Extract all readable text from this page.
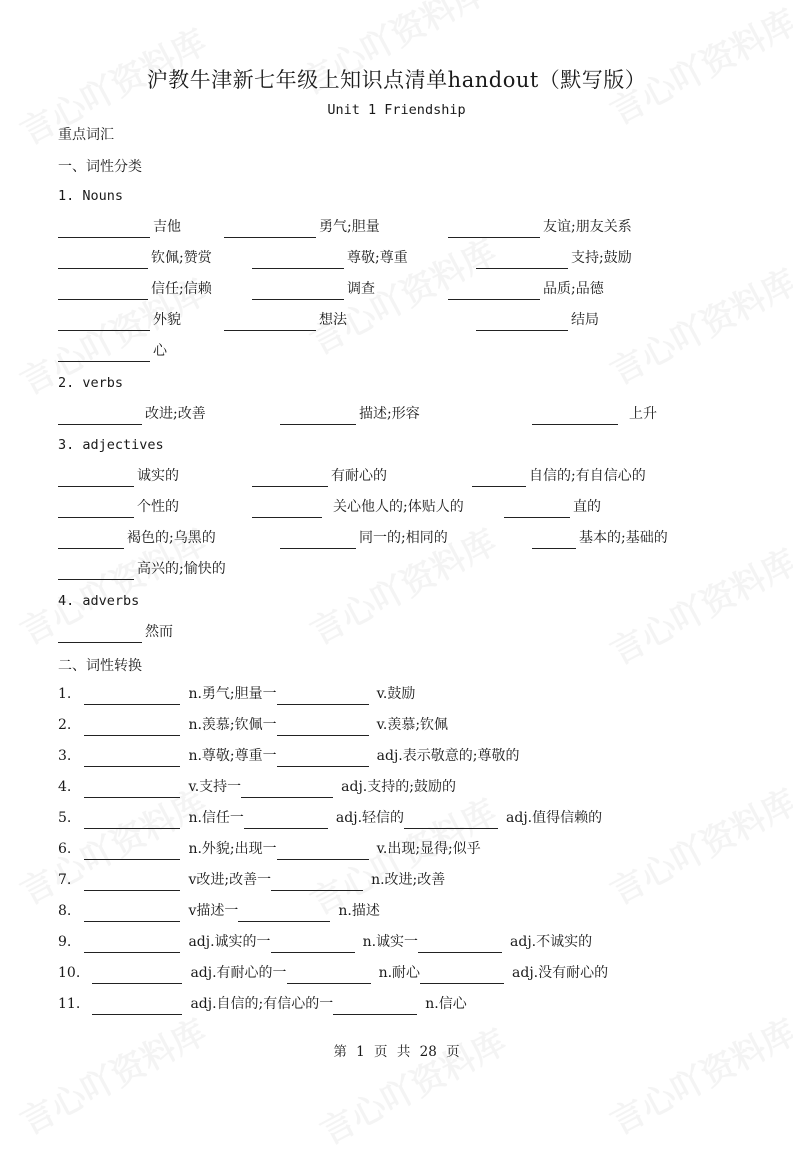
沪教牛津新七年级上知识点清单handout（默写版）
Unit 1 Friendship
重点词汇
一、词性分类
1. Nouns
吉他	勇气;胆量	友谊;朋友关系
钦佩;赞赏	尊敬;尊重	支持;鼓励
信任;信赖	调查	品质;品德
外貌	想法	结局
心
2. verbs
改进;改善	描述;形容	上升
3. adjectives
诚实的	有耐心的	自信的;有自信心的
个性的	关心他人的;体贴人的	直的
褐色的;乌黑的	同一的;相同的	基本的;基础的
高兴的;愉快的
4. adverbs
然而
二、词性转换
1.	n.勇气;胆量一	v.鼓励
2.	n.羡慕;钦佩一	v.羡慕;钦佩
3.	n.尊敬;尊重一	adj.表示敬意的;尊敬的
4.	v.支持一	adj.支持的;鼓励的
5.	n.信任一	adj.轻信的	adj.值得信赖的
6.	n.外貌;出现一	v.出现;显得;似乎
7.	v改进;改善一	n.改进;改善
8.	v描述一	n.描述
9.	adj.诚实的一	n.诚实一	adj.不诚实的
10.	adj.有耐心的一	n.耐心	adj.没有耐心的
11.	adj.自信的;有信心的一	n.信心
第 1 页 共 28 页
